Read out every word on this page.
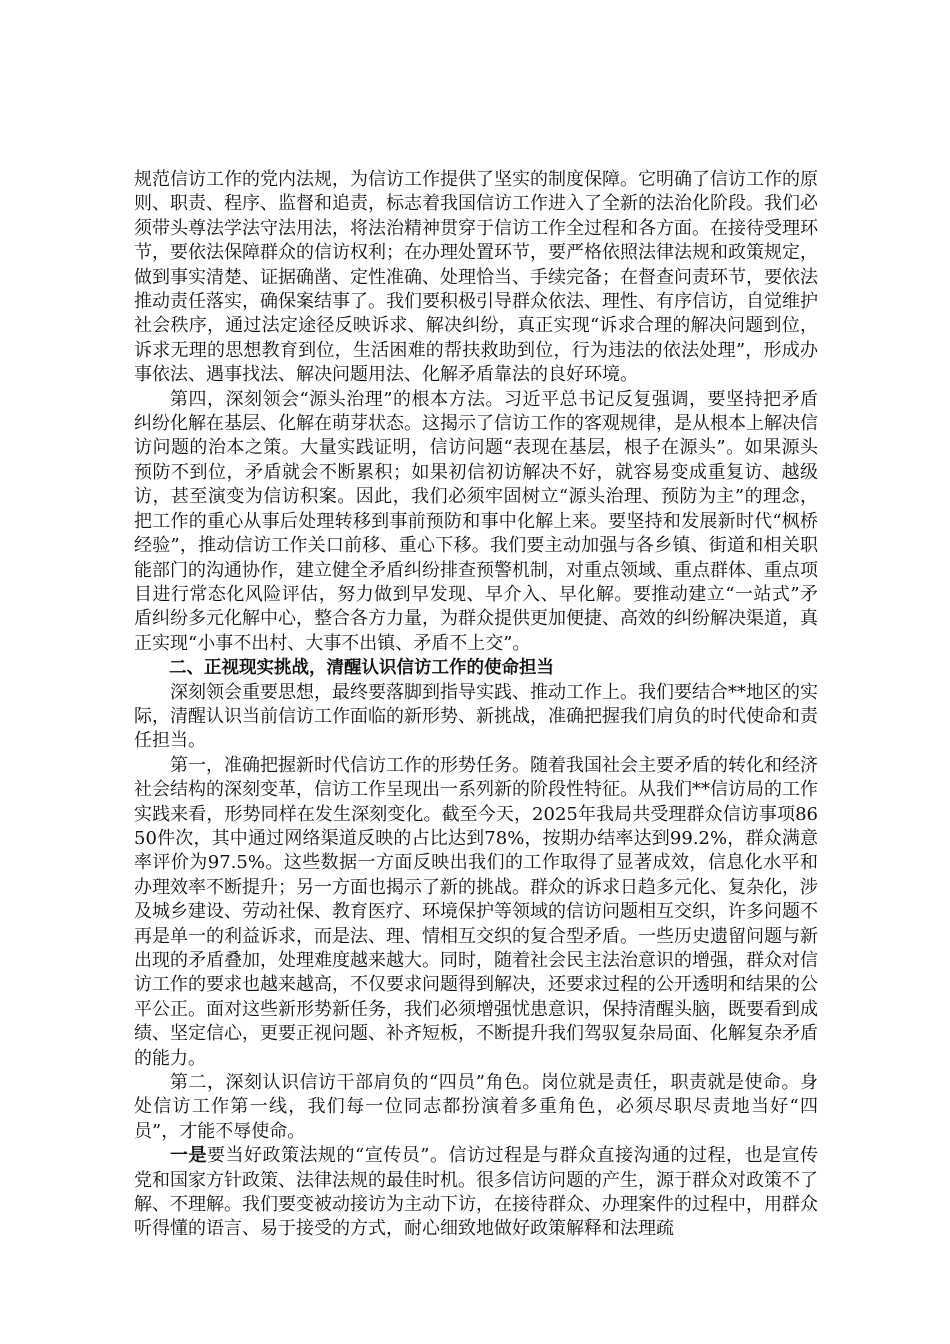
规范信访工作的党内法规，为信访工作提供了坚实的制度保障。它明确了信访工作的原则、职责、程序、监督和追责，标志着我国信访工作进入了全新的法治化阶段。我们必须带头尊法学法守法用法，将法治精神贯穿于信访工作全过程和各方面。在接待受理环节，要依法保障群众的信访权利；在办理处置环节，要严格依照法律法规和政策规定，做到事实清楚、证据确凿、定性准确、处理恰当、手续完备；在督查问责环节，要依法推动责任落实，确保案结事了。我们要积极引导群众依法、理性、有序信访，自觉维护社会秩序，通过法定途径反映诉求、解决纠纷，真正实现“诉求合理的解决问题到位，诉求无理的思想教育到位，生活困难的帮扶救助到位，行为违法的依法处理”，形成办事依法、遇事找法、解决问题用法、化解矛盾靠法的良好环境。

第四，深刻领会“源头治理”的根本方法。习近平总书记反复强调，要坚持把矛盾纠纷化解在基层、化解在萌芽状态。这揭示了信访工作的客观规律，是从根本上解决信访问题的治本之策。大量实践证明，信访问题“表现在基层，根子在源头”。如果源头预防不到位，矛盾就会不断累积；如果初信初访解决不好，就容易变成重复访、越级访，甚至演变为信访积案。因此，我们必须牢固树立“源头治理、预防为主”的理念，把工作的重心从事后处理转移到事前预防和事中化解上来。要坚持和发展新时代“枫桥经验”，推动信访工作关口前移、重心下移。我们要主动加强与各乡镇、街道和相关职能部门的沟通协作，建立健全矛盾纠纷排查预警机制，对重点领域、重点群体、重点项目进行常态化风险评估，努力做到早发现、早介入、早化解。要推动建立“一站式”矛盾纠纷多元化解中心，整合各方力量，为群众提供更加便捷、高效的纠纷解决渠道，真正实现“小事不出村、大事不出镇、矛盾不上交”。

二、正视现实挑战，清醒认识信访工作的使命担当

深刻领会重要思想，最终要落脚到指导实践、推动工作上。我们要结合**地区的实际，清醒认识当前信访工作面临的新形势、新挑战，准确把握我们肩负的时代使命和责任担当。

第一，准确把握新时代信访工作的形势任务。随着我国社会主要矛盾的转化和经济社会结构的深刻变革，信访工作呈现出一系列新的阶段性特征。从我们**信访局的工作实践来看，形势同样在发生深刻变化。截至今天，2025年我局共受理群众信访事项8650件次，其中通过网络渠道反映的占比达到78%，按期办结率达到99.2%，群众满意率评价为97.5%。这些数据一方面反映出我们的工作取得了显著成效，信息化水平和办理效率不断提升；另一方面也揭示了新的挑战。群众的诉求日趋多元化、复杂化，涉及城乡建设、劳动社保、教育医疗、环境保护等领域的信访问题相互交织，许多问题不再是单一的利益诉求，而是法、理、情相互交织的复合型矛盾。一些历史遗留问题与新出现的矛盾叠加，处理难度越来越大。同时，随着社会民主法治意识的增强，群众对信访工作的要求也越来越高，不仅要求问题得到解决，还要求过程的公开透明和结果的公平公正。面对这些新形势新任务，我们必须增强忧患意识，保持清醒头脑，既要看到成绩、坚定信心，更要正视问题、补齐短板，不断提升我们驾驭复杂局面、化解复杂矛盾的能力。

第二，深刻认识信访干部肩负的“四员”角色。岗位就是责任，职责就是使命。身处信访工作第一线，我们每一位同志都扮演着多重角色，必须尽职尽责地当好“四员”，才能不辱使命。

一是要当好政策法规的“宣传员”。信访过程是与群众直接沟通的过程，也是宣传党和国家方针政策、法律法规的最佳时机。很多信访问题的产生，源于群众对政策不了解、不理解。我们要变被动接访为主动下访，在接待群众、办理案件的过程中，用群众听得懂的语言、易于接受的方式，耐心细致地做好政策解释和法理疏
